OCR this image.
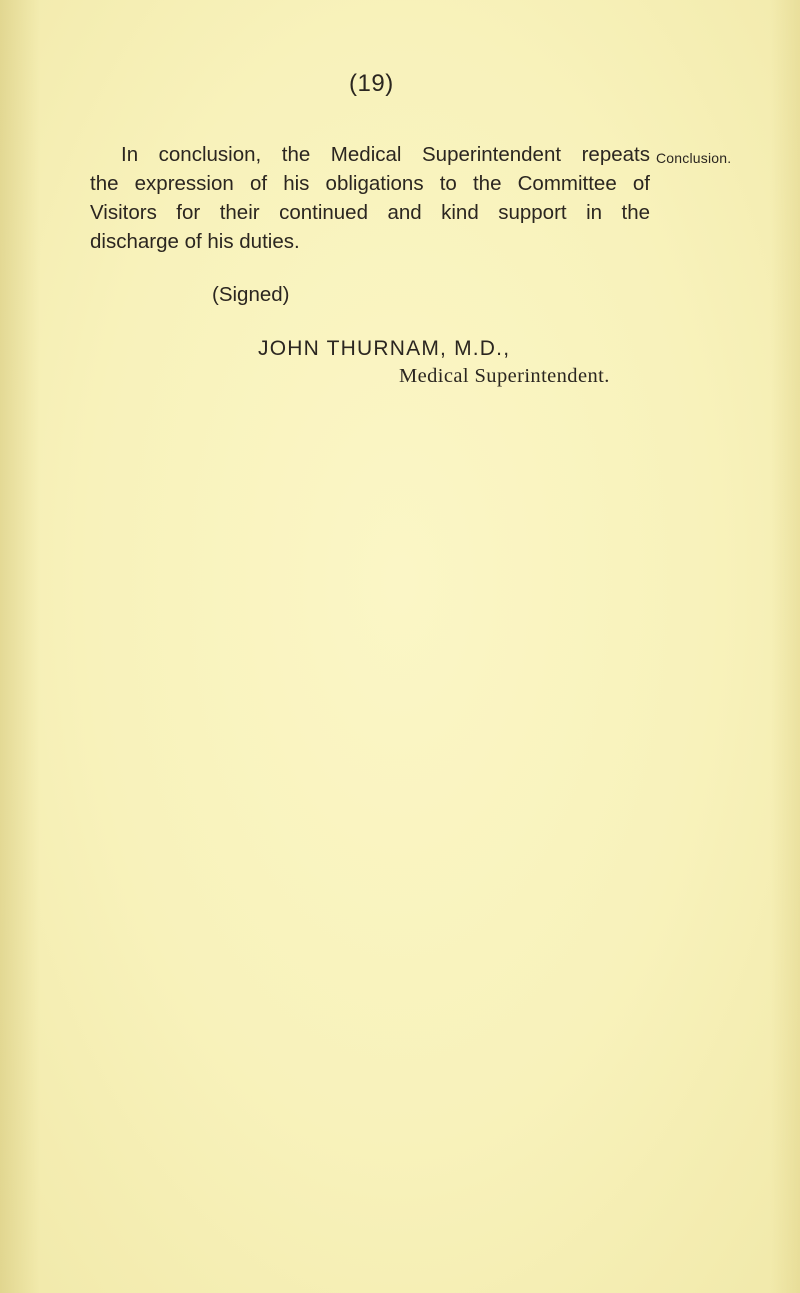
(19)
In conclusion, the Medical Superintendent repeats
the expression of his obligations to the Committee of
Visitors for their continued and kind support in the
discharge of his duties.
Conclusion.
(Signed)
JOHN THURNAM, M.D.,
Medical Superintendent.
